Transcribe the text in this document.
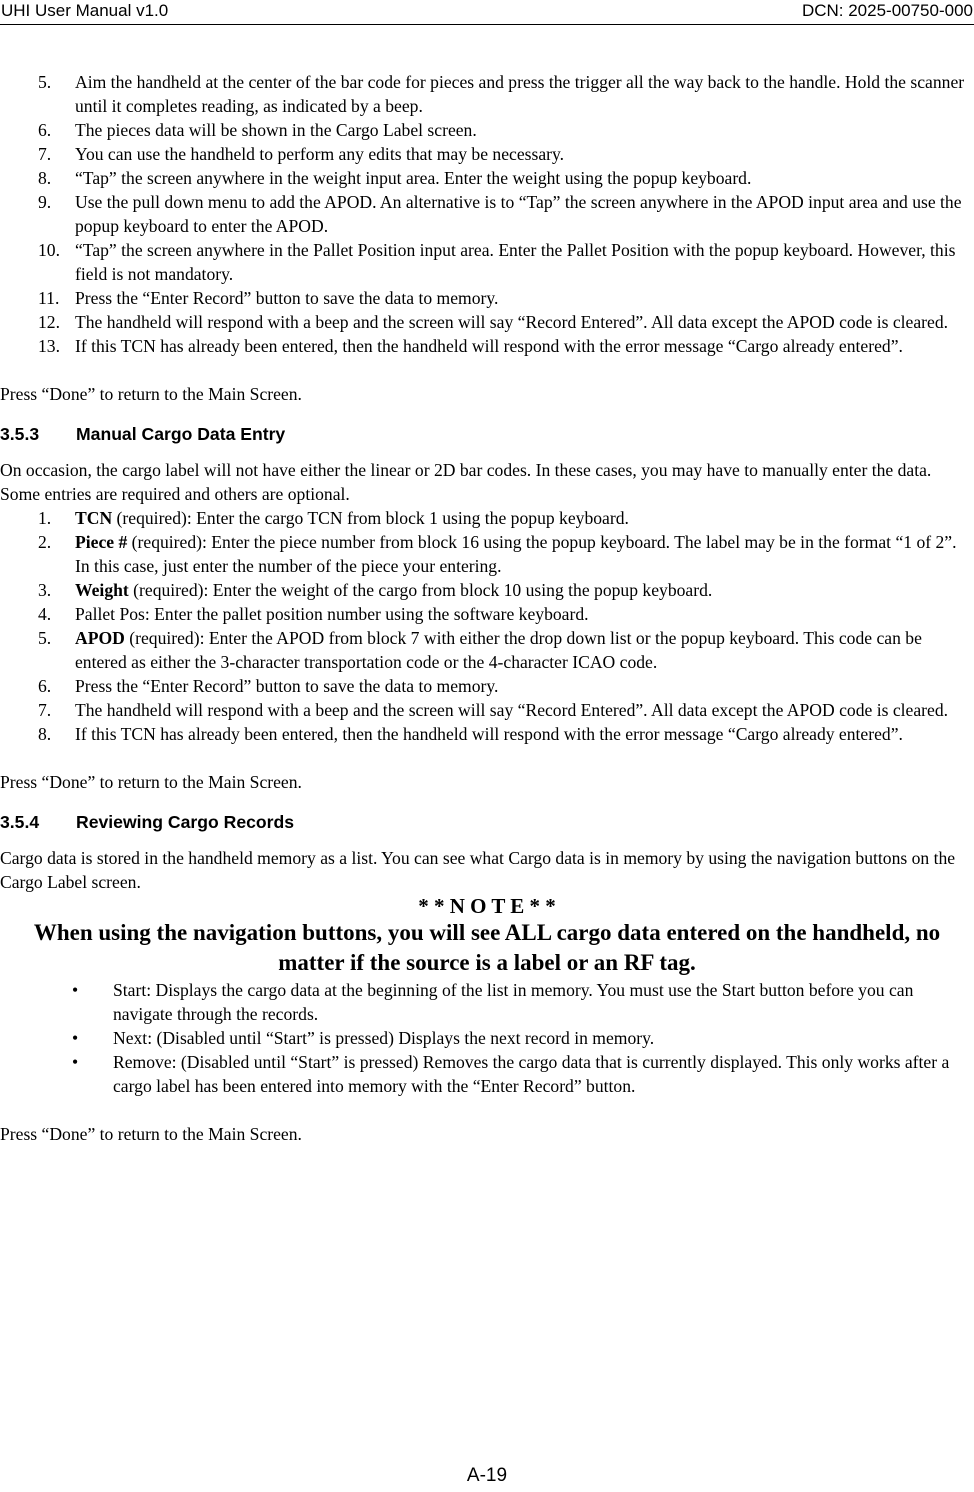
UHI User Manual v1.0	DCN: 2025-00750-000
5. Aim the handheld at the center of the bar code for pieces and press the trigger all the way back to the handle. Hold the scanner until it completes reading, as indicated by a beep.
6. The pieces data will be shown in the Cargo Label screen.
7. You can use the handheld to perform any edits that may be necessary.
8. “Tap” the screen anywhere in the weight input area. Enter the weight using the popup keyboard.
9. Use the pull down menu to add the APOD. An alternative is to “Tap” the screen anywhere in the APOD input area and use the popup keyboard to enter the APOD.
10. “Tap” the screen anywhere in the Pallet Position input area. Enter the Pallet Position with the popup keyboard. However, this field is not mandatory.
11. Press the “Enter Record” button to save the data to memory.
12. The handheld will respond with a beep and the screen will say “Record Entered”. All data except the APOD code is cleared.
13. If this TCN has already been entered, then the handheld will respond with the error message “Cargo already entered”.

Press “Done” to return to the Main Screen.

3.5.3 Manual Cargo Data Entry

On occasion, the cargo label will not have either the linear or 2D bar codes. In these cases, you may have to manually enter the data. Some entries are required and others are optional.

1. TCN (required): Enter the cargo TCN from block 1 using the popup keyboard.
2. Piece # (required): Enter the piece number from block 16 using the popup keyboard. The label may be in the format “1 of 2”. In this case, just enter the number of the piece your entering.
3. Weight (required): Enter the weight of the cargo from block 10 using the popup keyboard.
4. Pallet Pos: Enter the pallet position number using the software keyboard.
5. APOD (required): Enter the APOD from block 7 with either the drop down list or the popup keyboard. This code can be entered as either the 3-character transportation code or the 4-character ICAO code.
6. Press the “Enter Record” button to save the data to memory.
7. The handheld will respond with a beep and the screen will say “Record Entered”. All data except the APOD code is cleared.
8. If this TCN has already been entered, then the handheld will respond with the error message “Cargo already entered”.

Press “Done” to return to the Main Screen.

3.5.4 Reviewing Cargo Records

Cargo data is stored in the handheld memory as a list. You can see what Cargo data is in memory by using the navigation buttons on the Cargo Label screen.

* * N O T E * *
When using the navigation buttons, you will see ALL cargo data entered on the handheld, no matter if the source is a label or an RF tag.
• Start: Displays the cargo data at the beginning of the list in memory. You must use the Start button before you can navigate through the records.
• Next: (Disabled until “Start” is pressed) Displays the next record in memory.
• Remove: (Disabled until “Start” is pressed) Removes the cargo data that is currently displayed. This only works after a cargo label has been entered into memory with the “Enter Record” button.

Press “Done” to return to the Main Screen.

A-19
